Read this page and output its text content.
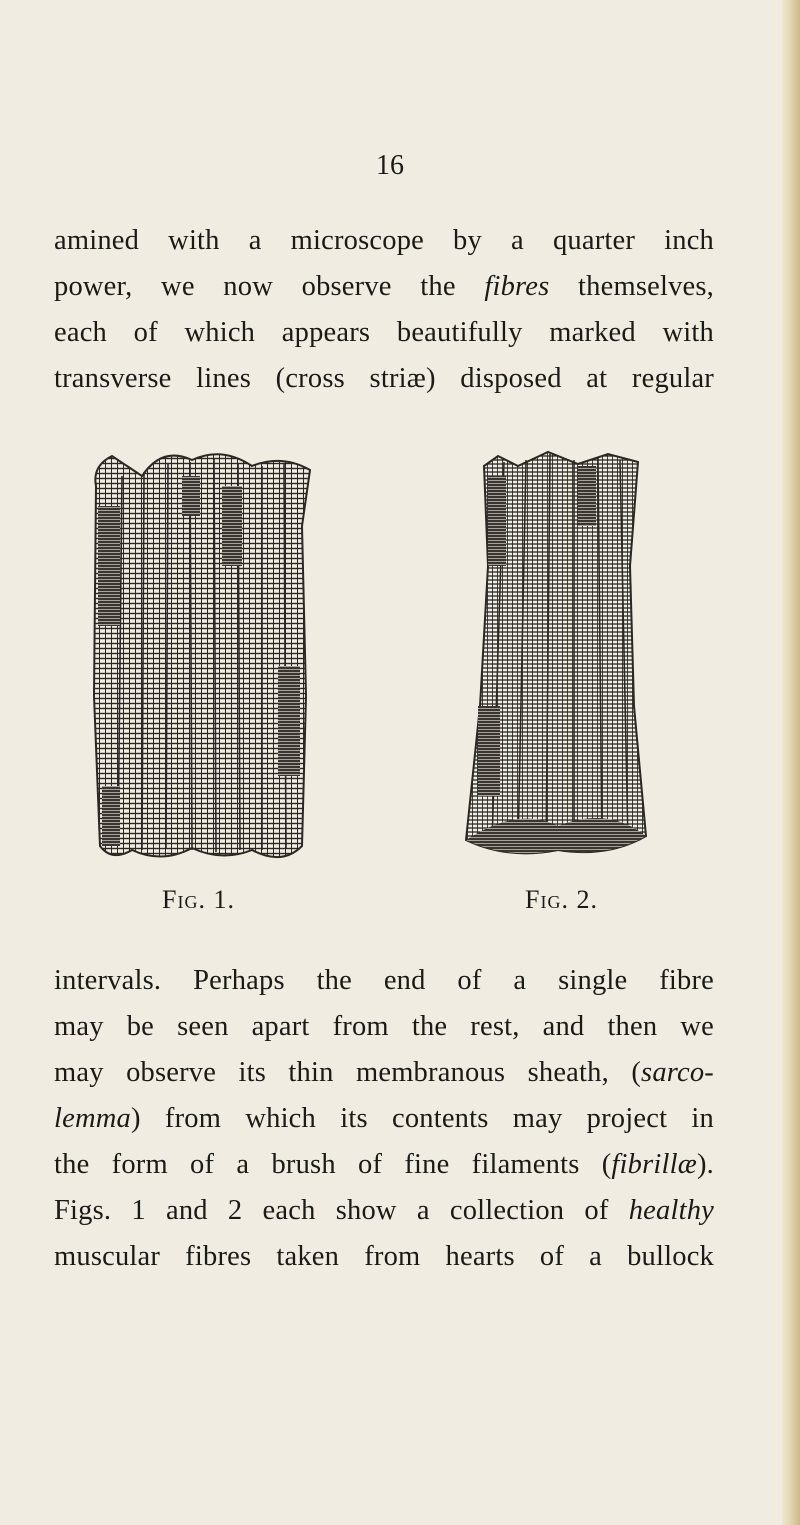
16

amined with a microscope by a quarter inch
power, we now observe the fibres themselves,
each of which appears beautifully marked with
transverse lines (cross striæ) disposed at regular

Fig. 1.	Fig. 2.

intervals. Perhaps the end of a single fibre
may be seen apart from the rest, and then we
may observe its thin membranous sheath, (sarco-
lemma) from which its contents may project in
the form of a brush of fine filaments (fibrillæ).
Figs. 1 and 2 each show a collection of healthy
muscular fibres taken from hearts of a bullock
